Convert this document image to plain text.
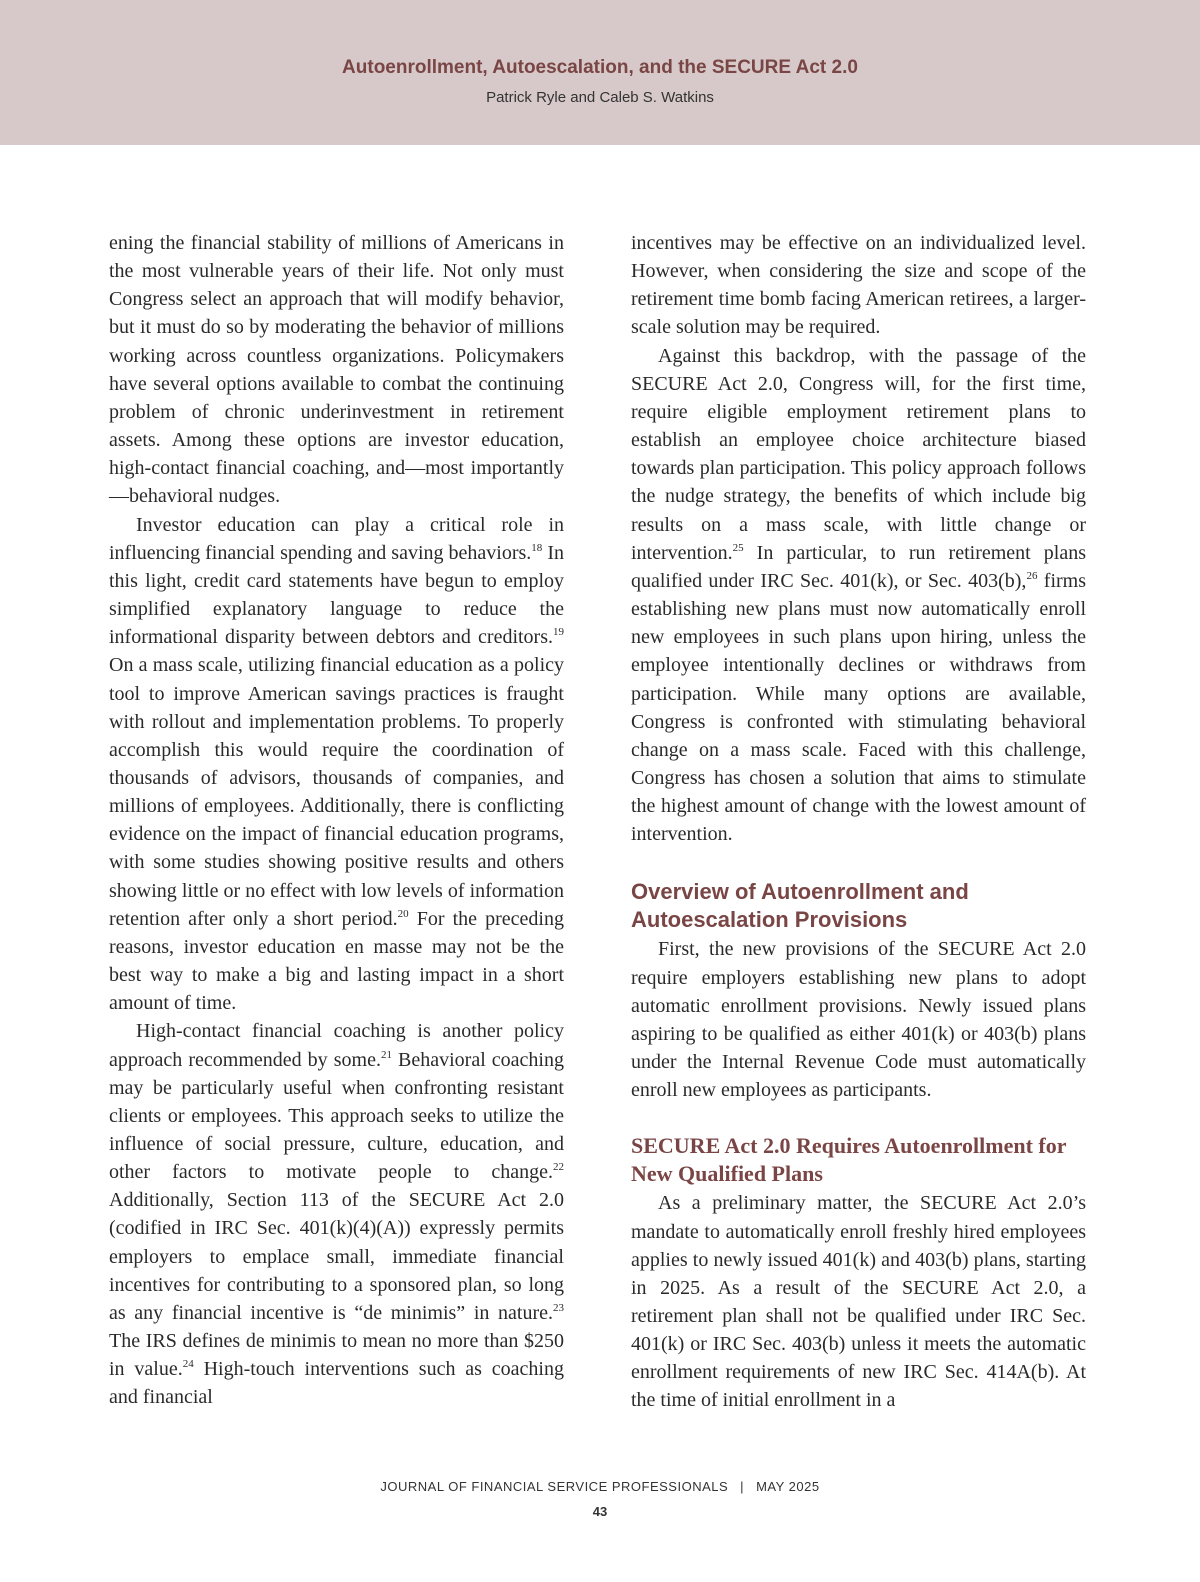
Autoenrollment, Autoescalation, and the SECURE Act 2.0
Patrick Ryle and Caleb S. Watkins

ening the financial stability of millions of Americans in the most vulnerable years of their life. Not only must Congress select an approach that will modify behavior, but it must do so by moderating the behavior of millions working across countless organizations. Policymakers have several options available to combat the continuing problem of chronic underinvestment in retirement assets. Among these options are investor education, high-contact financial coaching, and—most importantly—behavioral nudges.

Investor education can play a critical role in influencing financial spending and saving behaviors.$^{18}$ In this light, credit card statements have begun to employ simplified explanatory language to reduce the informational disparity between debtors and creditors.$^{19}$ On a mass scale, utilizing financial education as a policy tool to improve American savings practices is fraught with rollout and implementation problems. To properly accomplish this would require the coordination of thousands of advisors, thousands of companies, and millions of employees. Additionally, there is conflicting evidence on the impact of financial education programs, with some studies showing positive results and others showing little or no effect with low levels of information retention after only a short period.$^{20}$ For the preceding reasons, investor education en masse may not be the best way to make a big and lasting impact in a short amount of time.

High-contact financial coaching is another policy approach recommended by some.$^{21}$ Behavioral coaching may be particularly useful when confronting resistant clients or employees. This approach seeks to utilize the influence of social pressure, culture, education, and other factors to motivate people to change.$^{22}$ Additionally, Section 113 of the SECURE Act 2.0 (codified in IRC Sec. 401(k)(4)(A)) expressly permits employers to emplace small, immediate financial incentives for contributing to a sponsored plan, so long as any financial incentive is “de minimis” in nature.$^{23}$ The IRS defines de minimis to mean no more than $250 in value.$^{24}$ High-touch interventions such as coaching and financial

incentives may be effective on an individualized level. However, when considering the size and scope of the retirement time bomb facing American retirees, a larger-scale solution may be required.

Against this backdrop, with the passage of the SECURE Act 2.0, Congress will, for the first time, require eligible employment retirement plans to establish an employee choice architecture biased towards plan participation. This policy approach follows the nudge strategy, the benefits of which include big results on a mass scale, with little change or intervention.$^{25}$ In particular, to run retirement plans qualified under IRC Sec. 401(k), or Sec. 403(b),$^{26}$ firms establishing new plans must now automatically enroll new employees in such plans upon hiring, unless the employee intentionally declines or withdraws from participation. While many options are available, Congress is confronted with stimulating behavioral change on a mass scale. Faced with this challenge, Congress has chosen a solution that aims to stimulate the highest amount of change with the lowest amount of intervention.

Overview of Autoenrollment and Autoescalation Provisions

First, the new provisions of the SECURE Act 2.0 require employers establishing new plans to adopt automatic enrollment provisions. Newly issued plans aspiring to be qualified as either 401(k) or 403(b) plans under the Internal Revenue Code must automatically enroll new employees as participants.

SECURE Act 2.0 Requires Autoenrollment for New Qualified Plans

As a preliminary matter, the SECURE Act 2.0’s mandate to automatically enroll freshly hired employees applies to newly issued 401(k) and 403(b) plans, starting in 2025. As a result of the SECURE Act 2.0, a retirement plan shall not be qualified under IRC Sec. 401(k) or IRC Sec. 403(b) unless it meets the automatic enrollment requirements of new IRC Sec. 414A(b). At the time of initial enrollment in a

JOURNAL OF FINANCIAL SERVICE PROFESSIONALS | MAY 2025
43
